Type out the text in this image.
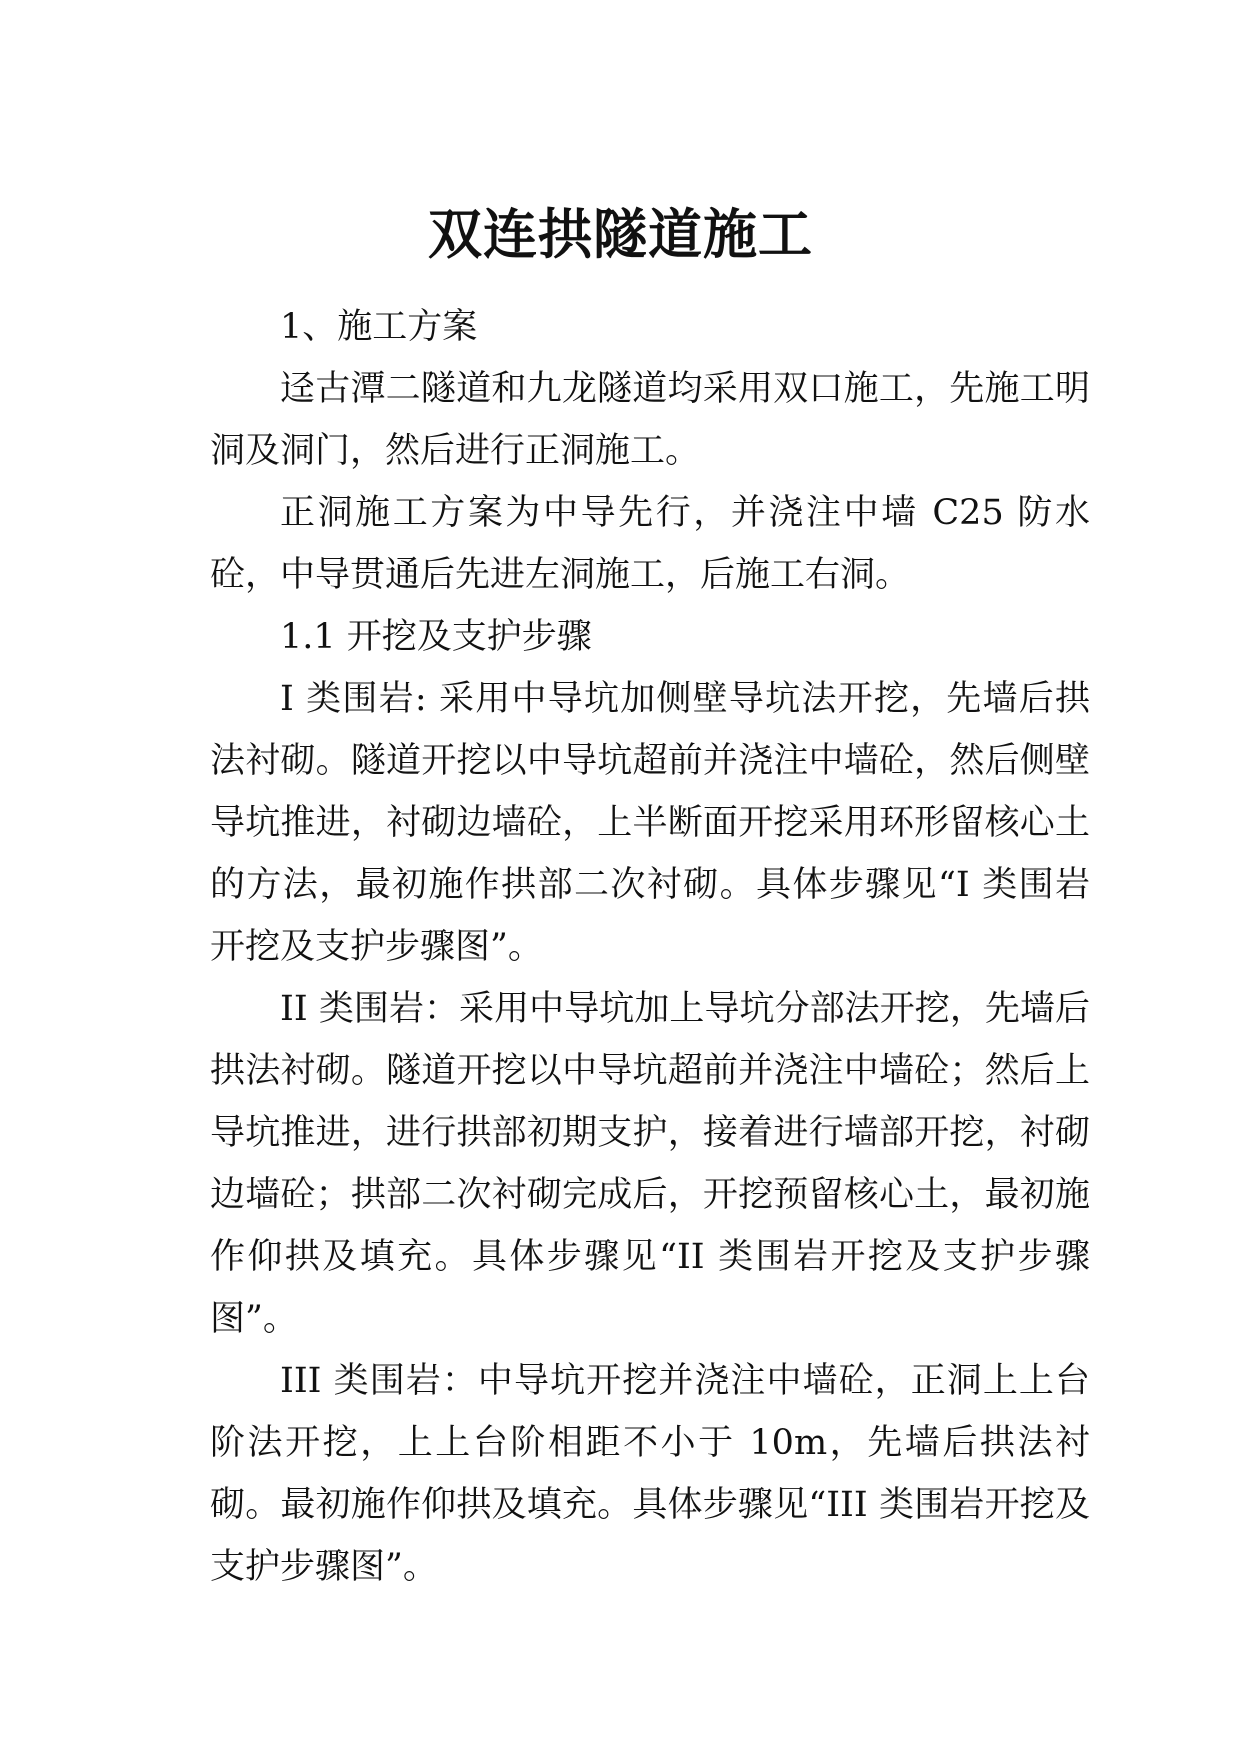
双连拱隧道施工

1、施工方案

迳古潭二隧道和九龙隧道均采用双口施工，先施工明洞及洞门，然后进行正洞施工。

正洞施工方案为中导先行，并浇注中墙 C25 防水砼，中导贯通后先进左洞施工，后施工右洞。

1.1 开挖及支护步骤

I 类围岩: 采用中导坑加侧壁导坑法开挖，先墙后拱法衬砌。隧道开挖以中导坑超前并浇注中墙砼，然后侧壁导坑推进，衬砌边墙砼，上半断面开挖采用环形留核心土的方法，最初施作拱部二次衬砌。具体步骤见“I 类围岩开挖及支护步骤图”。

II 类围岩：采用中导坑加上导坑分部法开挖，先墙后拱法衬砌。隧道开挖以中导坑超前并浇注中墙砼；然后上导坑推进，进行拱部初期支护，接着进行墙部开挖，衬砌边墙砼；拱部二次衬砌完成后，开挖预留核心土，最初施作仰拱及填充。具体步骤见“II 类围岩开挖及支护步骤图”。

III 类围岩：中导坑开挖并浇注中墙砼，正洞上上台阶法开挖，上上台阶相距不小于 10m，先墙后拱法衬砌。最初施作仰拱及填充。具体步骤见“III 类围岩开挖及支护步骤图”。
